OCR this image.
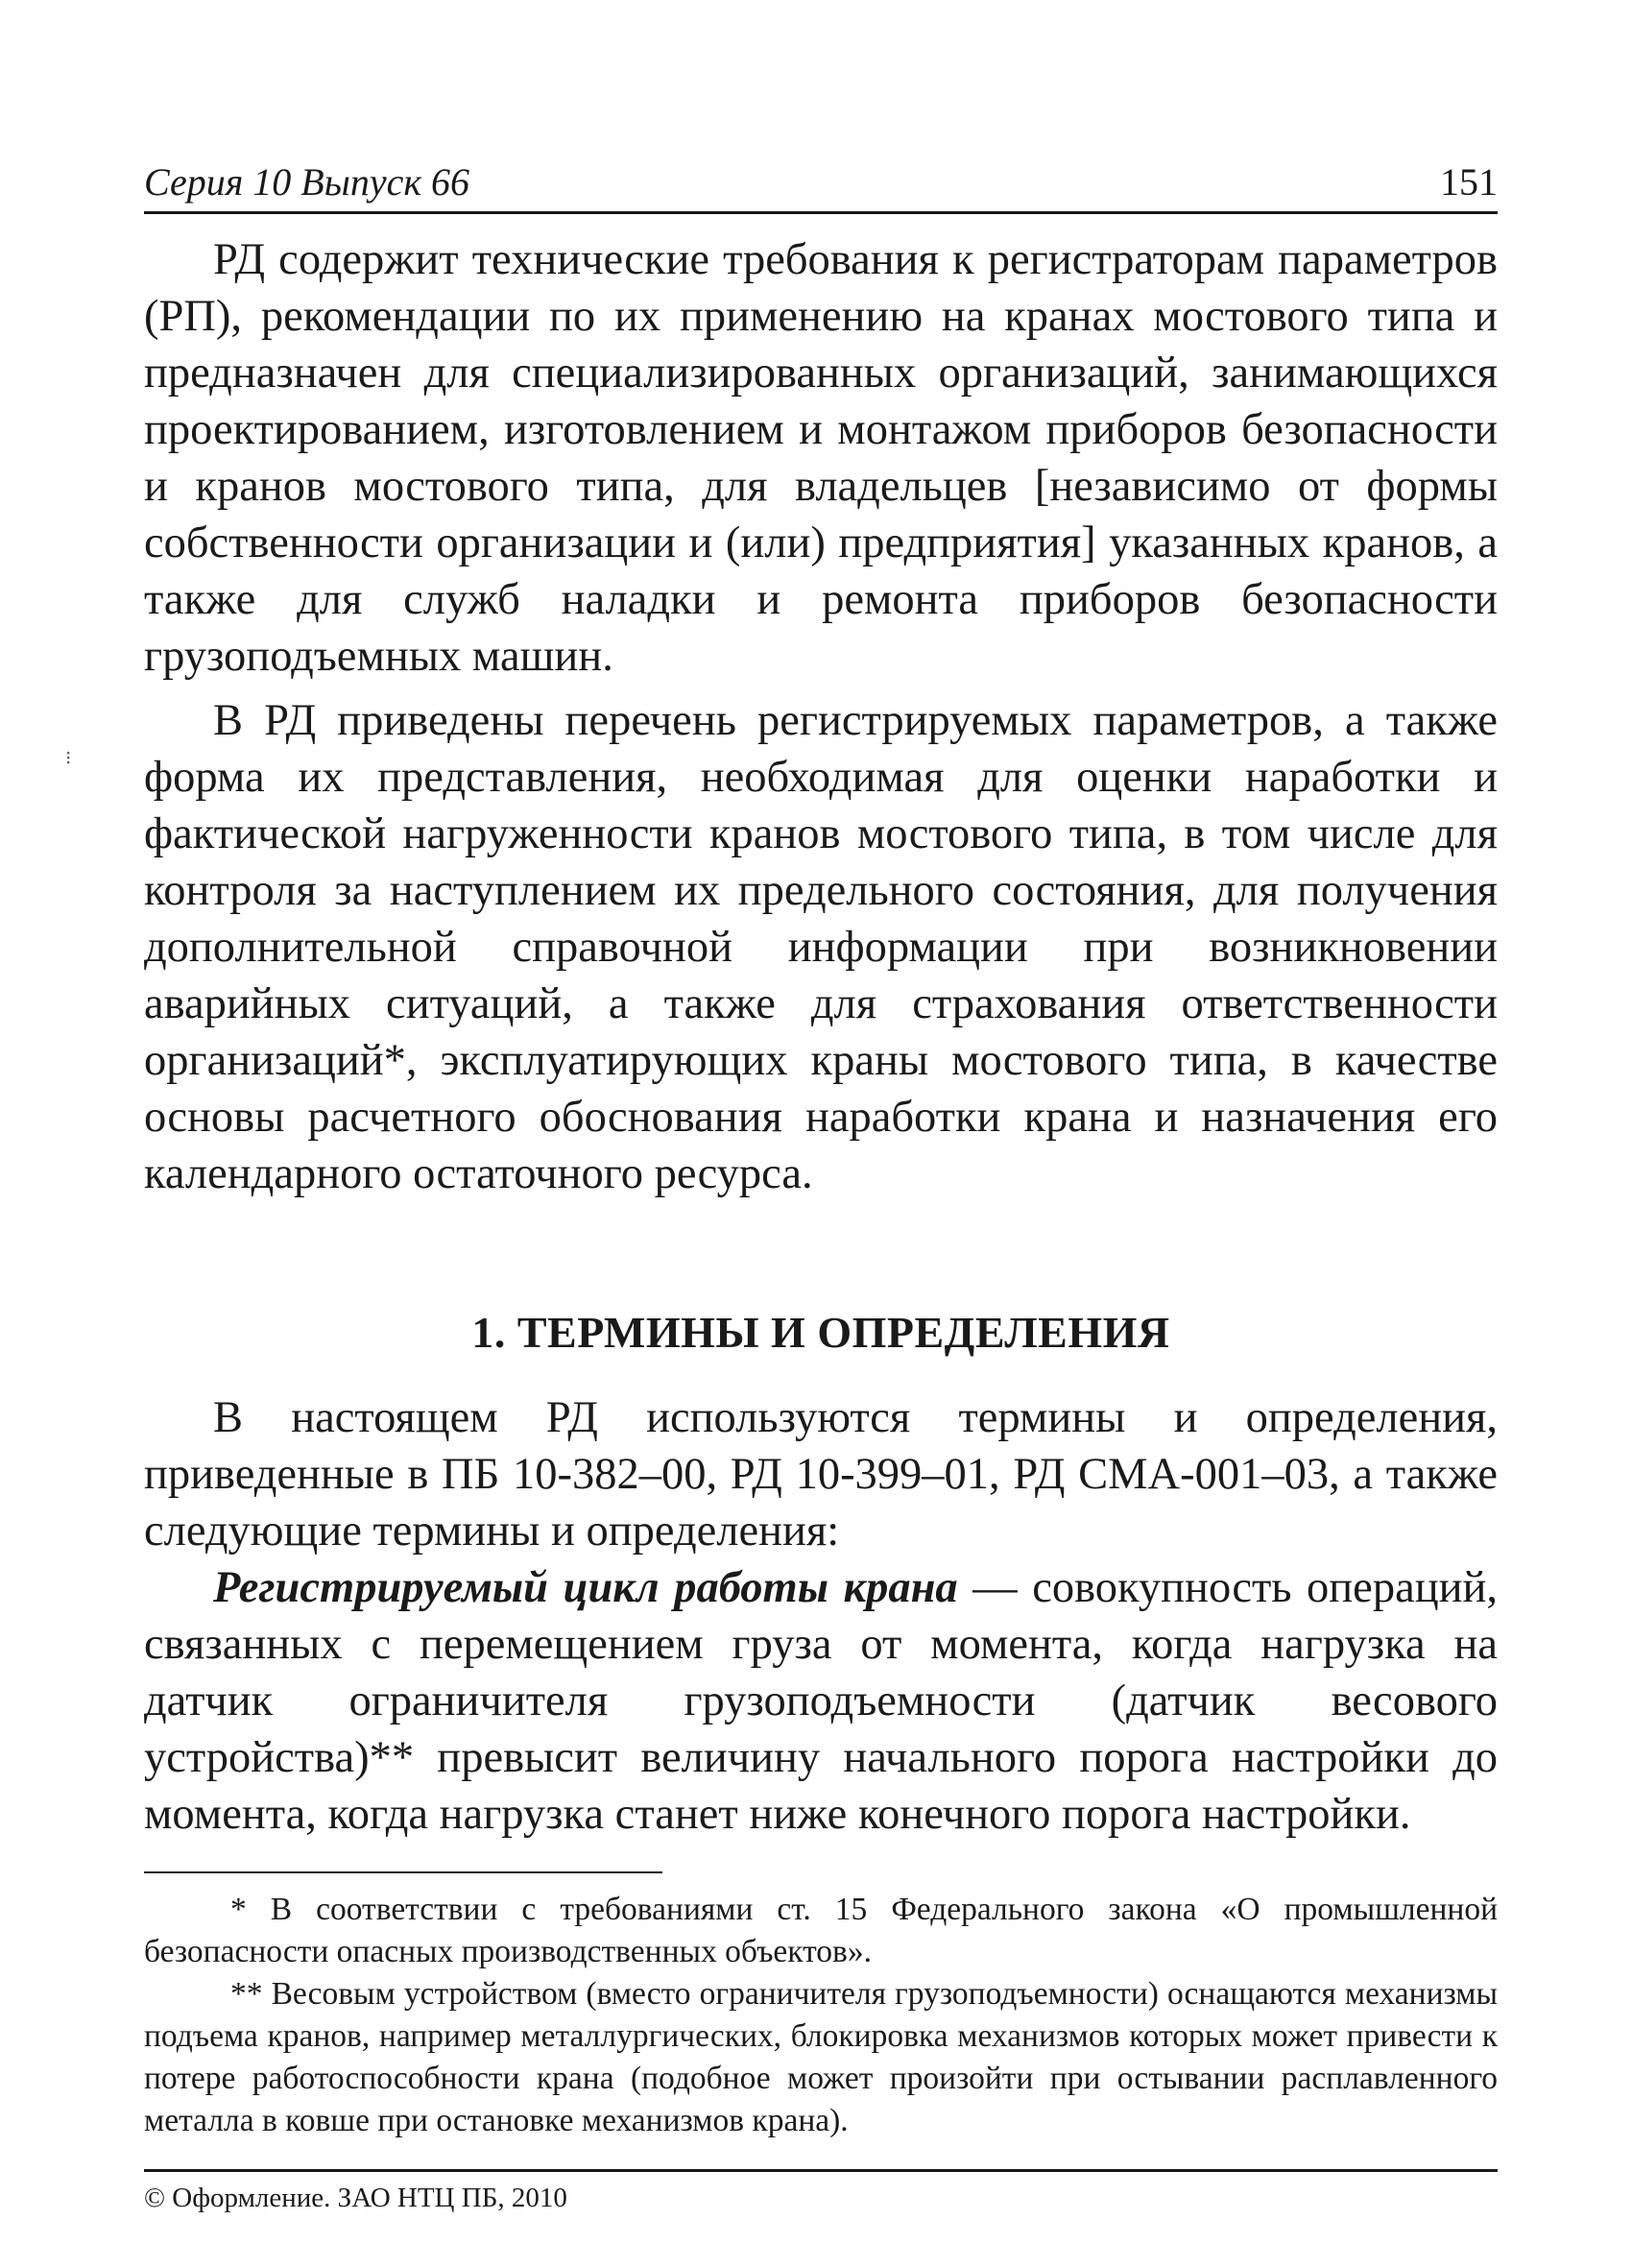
⁝
Серия 10 Выпуск 66	151

РД содержит технические требования к регистраторам параметров (РП), рекомендации по их применению на кранах мостового типа и предназначен для специализированных организаций, занимающихся проектированием, изготовлением и монтажом приборов безопасности и кранов мостового типа, для владельцев [независимо от формы собственности организации и (или) предприятия] указанных кранов, а также для служб наладки и ремонта приборов безопасности грузоподъемных машин.

В РД приведены перечень регистрируемых параметров, а также форма их представления, необходимая для оценки наработки и фактической нагруженности кранов мостового типа, в том числе для контроля за наступлением их предельного состояния, для получения дополнительной справочной информации при возникновении аварийных ситуаций, а также для страхования ответственности организаций*, эксплуатирующих краны мостового типа, в качестве основы расчетного обоснования наработки крана и назначения его календарного остаточного ресурса.

1. ТЕРМИНЫ И ОПРЕДЕЛЕНИЯ

В настоящем РД используются термины и определения, приведенные в ПБ 10-382–00, РД 10-399–01, РД СМА-001–03, а также следующие термины и определения:

Регистрируемый цикл работы крана — совокупность операций, связанных с перемещением груза от момента, когда нагрузка на датчик ограничителя грузоподъемности (датчик весового устройства)** превысит величину начального порога настройки до момента, когда нагрузка станет ниже конечного порога настройки.

* В соответствии с требованиями ст. 15 Федерального закона «О промышленной безопасности опасных производственных объектов».

** Весовым устройством (вместо ограничителя грузоподъемности) оснащаются механизмы подъема кранов, например металлургических, блокировка механизмов которых может привести к потере работоспособности крана (подобное может произойти при остывании расплавленного металла в ковше при остановке механизмов крана).

© Оформление. ЗАО НТЦ ПБ, 2010
